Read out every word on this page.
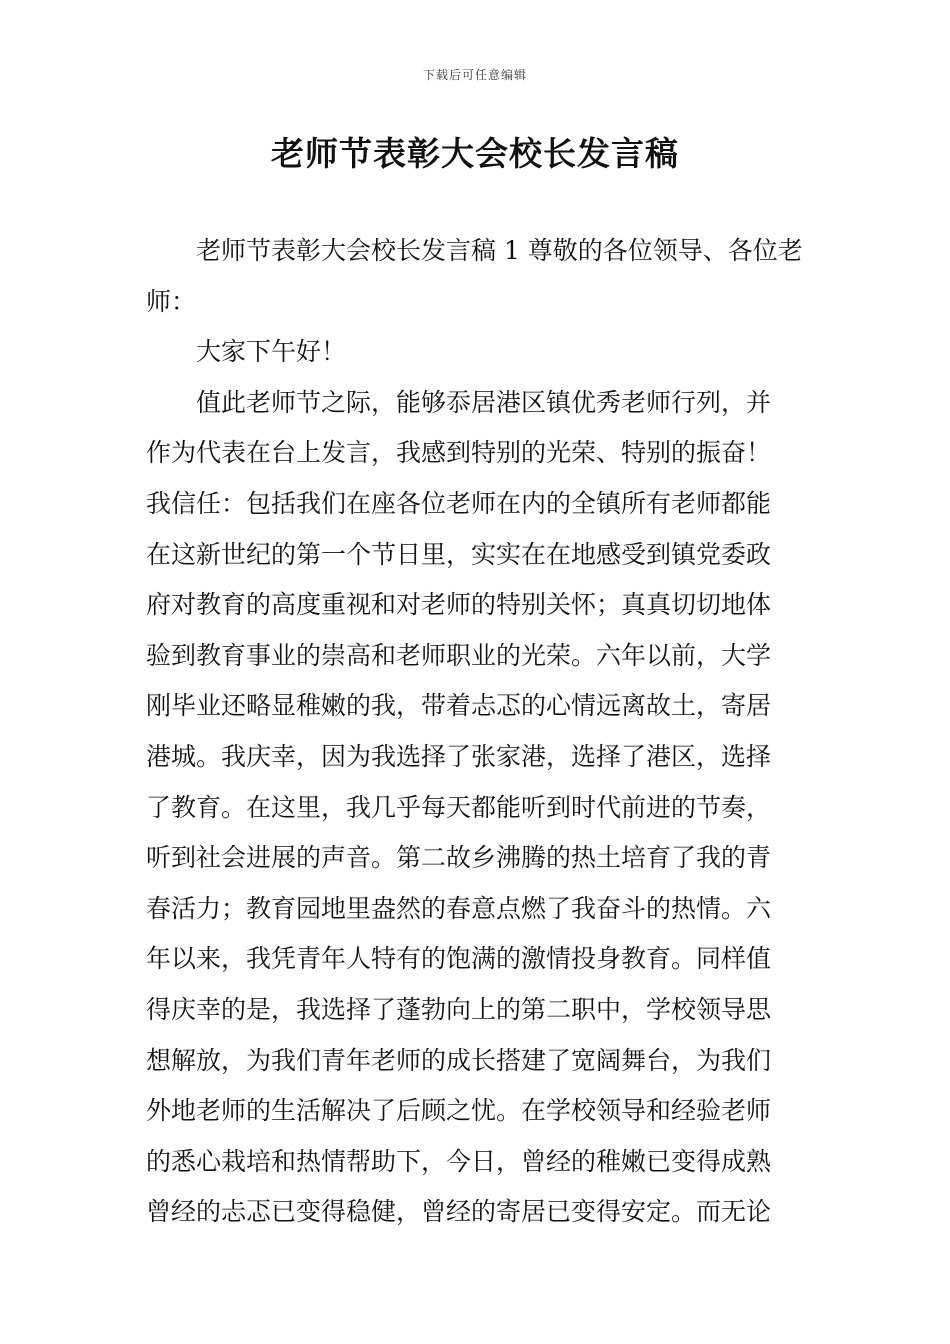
下载后可任意编辑
老师节表彰大会校长发言稿
老师节表彰大会校长发言稿 1 尊敬的各位领导、各位老
师：
大家下午好！
值此老师节之际，能够忝居港区镇优秀老师行列，并
作为代表在台上发言，我感到特别的光荣、特别的振奋！
我信任：包括我们在座各位老师在内的全镇所有老师都能
在这新世纪的第一个节日里，实实在在地感受到镇党委政
府对教育的高度重视和对老师的特别关怀；真真切切地体
验到教育事业的崇高和老师职业的光荣。六年以前，大学
刚毕业还略显稚嫩的我，带着忐忑的心情远离故土，寄居
港城。我庆幸，因为我选择了张家港，选择了港区，选择
了教育。在这里，我几乎每天都能听到时代前进的节奏，
听到社会进展的声音。第二故乡沸腾的热土培育了我的青
春活力；教育园地里盎然的春意点燃了我奋斗的热情。六
年以来，我凭青年人特有的饱满的激情投身教育。同样值
得庆幸的是，我选择了蓬勃向上的第二职中，学校领导思
想解放，为我们青年老师的成长搭建了宽阔舞台，为我们
外地老师的生活解决了后顾之忧。在学校领导和经验老师
的悉心栽培和热情帮助下，今日，曾经的稚嫩已变得成熟
曾经的忐忑已变得稳健，曾经的寄居已变得安定。而无论
